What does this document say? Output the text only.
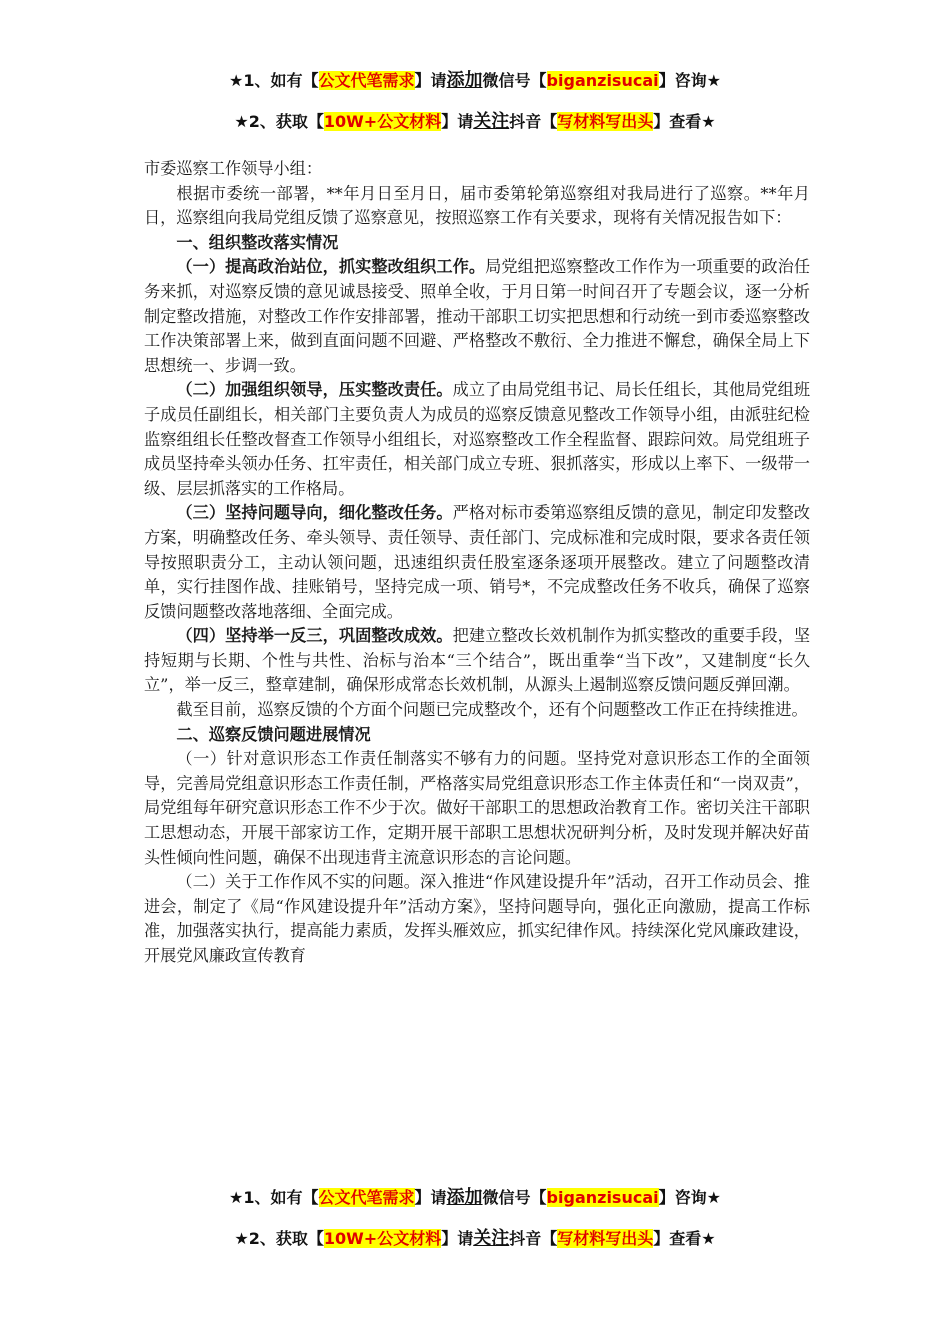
★1、如有【公文代笔需求】请添加微信号【biganzisucai】咨询★
★2、获取【10W+公文材料】请关注抖音【写材料写出头】查看★

市委巡察工作领导小组：

根据市委统一部署，**年月日至月日，届市委第轮第巡察组对我局进行了巡察。**年月日，巡察组向我局党组反馈了巡察意见，按照巡察工作有关要求，现将有关情况报告如下：

一、组织整改落实情况

（一）提高政治站位，抓实整改组织工作。局党组把巡察整改工作作为一项重要的政治任务来抓，对巡察反馈的意见诚恳接受、照单全收，于月日第一时间召开了专题会议，逐一分析制定整改措施，对整改工作作安排部署，推动干部职工切实把思想和行动统一到市委巡察整改工作决策部署上来，做到直面问题不回避、严格整改不敷衍、全力推进不懈怠，确保全局上下思想统一、步调一致。

（二）加强组织领导，压实整改责任。成立了由局党组书记、局长任组长，其他局党组班子成员任副组长，相关部门主要负责人为成员的巡察反馈意见整改工作领导小组，由派驻纪检监察组组长任整改督查工作领导小组组长，对巡察整改工作全程监督、跟踪问效。局党组班子成员坚持牵头领办任务、扛牢责任，相关部门成立专班、狠抓落实，形成以上率下、一级带一级、层层抓落实的工作格局。

（三）坚持问题导向，细化整改任务。严格对标市委第巡察组反馈的意见，制定印发整改方案，明确整改任务、牵头领导、责任领导、责任部门、完成标准和完成时限，要求各责任领导按照职责分工，主动认领问题，迅速组织责任股室逐条逐项开展整改。建立了问题整改清单，实行挂图作战、挂账销号，坚持完成一项、销号*，不完成整改任务不收兵，确保了巡察反馈问题整改落地落细、全面完成。

（四）坚持举一反三，巩固整改成效。把建立整改长效机制作为抓实整改的重要手段，坚持短期与长期、个性与共性、治标与治本“三个结合”，既出重拳“当下改”，又建制度“长久立”，举一反三，整章建制，确保形成常态长效机制，从源头上遏制巡察反馈问题反弹回潮。

截至目前，巡察反馈的个方面个问题已完成整改个，还有个问题整改工作正在持续推进。

二、巡察反馈问题进展情况

（一）针对意识形态工作责任制落实不够有力的问题。坚持党对意识形态工作的全面领导，完善局党组意识形态工作责任制，严格落实局党组意识形态工作主体责任和“一岗双责”，局党组每年研究意识形态工作不少于次。做好干部职工的思想政治教育工作。密切关注干部职工思想动态，开展干部家访工作，定期开展干部职工思想状况研判分析，及时发现并解决好苗头性倾向性问题，确保不出现违背主流意识形态的言论问题。

（二）关于工作作风不实的问题。深入推进“作风建设提升年”活动，召开工作动员会、推进会，制定了《局“作风建设提升年”活动方案》，坚持问题导向，强化正向激励，提高工作标准，加强落实执行，提高能力素质，发挥头雁效应，抓实纪律作风。持续深化党风廉政建设，开展党风廉政宣传教育

★1、如有【公文代笔需求】请添加微信号【biganzisucai】咨询★
★2、获取【10W+公文材料】请关注抖音【写材料写出头】查看★
